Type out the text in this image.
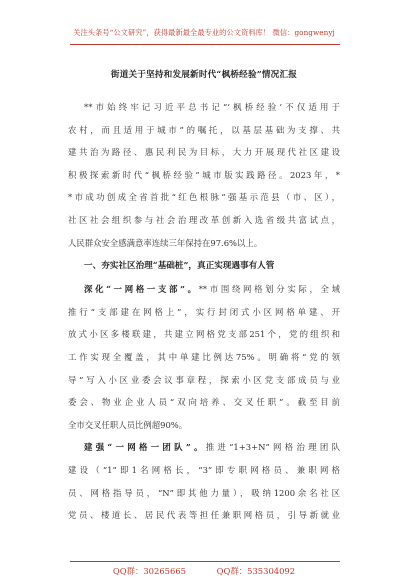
关注头条号“公文研究”，获得最新最全最专业的公文资料库！ 微信：gongwenyj
街道关于坚持和发展新时代“枫桥经验”情况汇报
**市始终牢记习近平总书记“‘枫桥经验’不仅适用于
农村，而且适用于城市”的嘱托，以基层基础为支撑、共
建共治为路径、惠民利民为目标，大力开展现代社区建设
积极探索新时代“枫桥经验”城市版实践路径。2023年，*
*市成功创成全省首批“红色根脉”强基示范县（市、区），
社区社会组织参与社会治理改革创新入选省级共富试点，
人民群众安全感满意率连续三年保持在97.6%以上。
一、夯实社区治理“基础桩”，真正实现遇事有人管
深化“一网格一支部”。**市围绕网格划分实际，全域
推行“支部建在网格上”，实行封闭式小区网格单建、开
放式小区多楼联建，共建立网格党支部251个，党的组织和
工作实现全覆盖，其中单建比例达75%。明确将“党的领
导”写入小区业委会议事章程，探索小区党支部成员与业
委会、物业企业人员“双向培养、交叉任职”。截至目前
全市交叉任职人员比例超90%。
建强“一网格一团队”。推进“1+3+N”网格治理团队
建设（“1”即1名网格长，“3”即专职网格员、兼职网格
员、网格指导员，“N”即其他力量），吸纳1200余名社区
党员、楼道长、居民代表等担任兼职网格员，引导新就业
QQ群：30265665	QQ群：535304092
